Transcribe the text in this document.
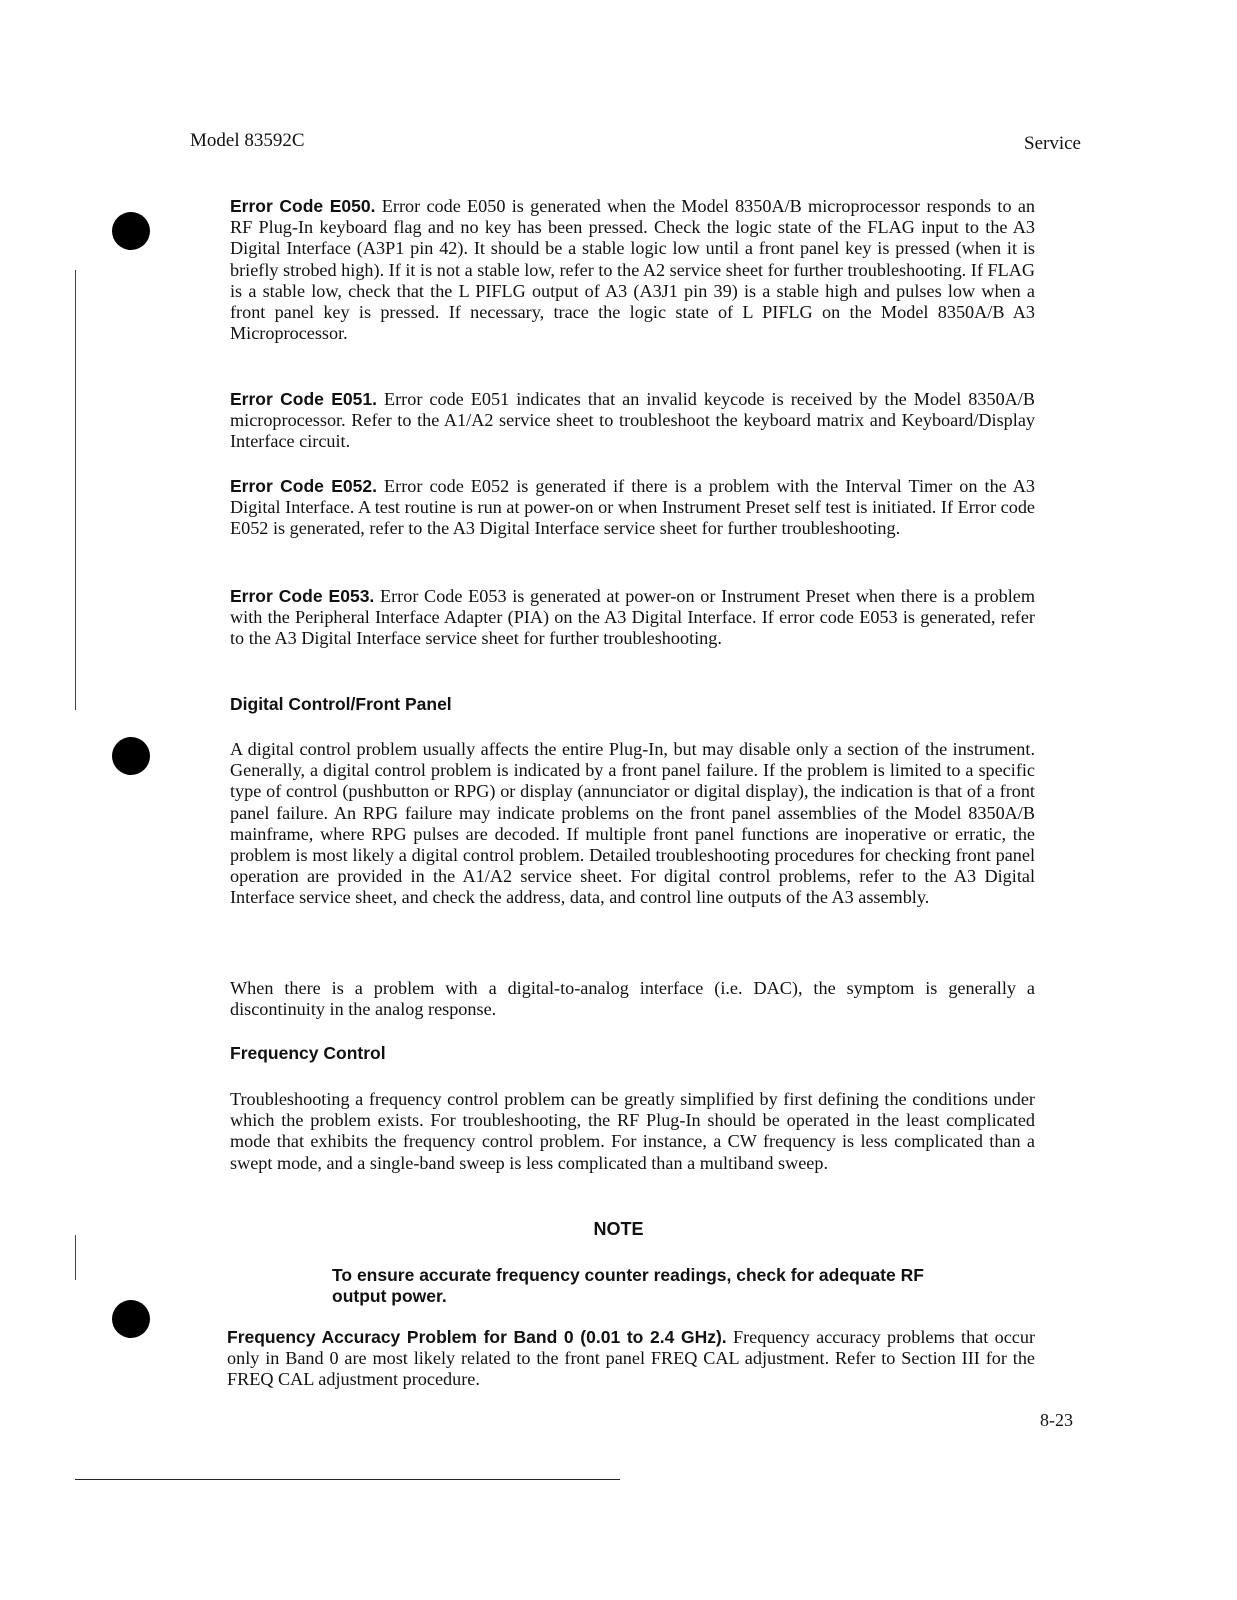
Model 83592C	Service

Error Code E050. Error code E050 is generated when the Model 8350A/B microprocessor responds to an RF Plug-In keyboard flag and no key has been pressed. Check the logic state of the FLAG input to the A3 Digital Interface (A3P1 pin 42). It should be a stable logic low until a front panel key is pressed (when it is briefly strobed high). If it is not a stable low, refer to the A2 service sheet for further troubleshooting. If FLAG is a stable low, check that the L PIFLG output of A3 (A3J1 pin 39) is a stable high and pulses low when a front panel key is pressed. If necessary, trace the logic state of L PIFLG on the Model 8350A/B A3 Microprocessor.

Error Code E051. Error code E051 indicates that an invalid keycode is received by the Model 8350A/B microprocessor. Refer to the A1/A2 service sheet to troubleshoot the keyboard matrix and Keyboard/Display Interface circuit.

Error Code E052. Error code E052 is generated if there is a problem with the Interval Timer on the A3 Digital Interface. A test routine is run at power-on or when Instrument Preset self test is initiated. If Error code E052 is generated, refer to the A3 Digital Interface service sheet for further troubleshooting.

Error Code E053. Error Code E053 is generated at power-on or Instrument Preset when there is a problem with the Peripheral Interface Adapter (PIA) on the A3 Digital Interface. If error code E053 is generated, refer to the A3 Digital Interface service sheet for further troubleshooting.

Digital Control/Front Panel

A digital control problem usually affects the entire Plug-In, but may disable only a section of the instrument. Generally, a digital control problem is indicated by a front panel failure. If the problem is limited to a specific type of control (pushbutton or RPG) or display (annunciator or digital display), the indication is that of a front panel failure. An RPG failure may indicate problems on the front panel assemblies of the Model 8350A/B mainframe, where RPG pulses are decoded. If multiple front panel functions are inoperative or erratic, the problem is most likely a digital control problem. Detailed troubleshooting procedures for checking front panel operation are provided in the A1/A2 service sheet. For digital control problems, refer to the A3 Digital Interface service sheet, and check the address, data, and control line outputs of the A3 assembly.

When there is a problem with a digital-to-analog interface (i.e. DAC), the symptom is generally a discontinuity in the analog response.

Frequency Control

Troubleshooting a frequency control problem can be greatly simplified by first defining the conditions under which the problem exists. For troubleshooting, the RF Plug-In should be operated in the least complicated mode that exhibits the frequency control problem. For instance, a CW frequency is less complicated than a swept mode, and a single-band sweep is less complicated than a multiband sweep.

NOTE

To ensure accurate frequency counter readings, check for adequate RF output power.

Frequency Accuracy Problem for Band 0 (0.01 to 2.4 GHz). Frequency accuracy problems that occur only in Band 0 are most likely related to the front panel FREQ CAL adjustment. Refer to Section III for the FREQ CAL adjustment procedure.

8-23
